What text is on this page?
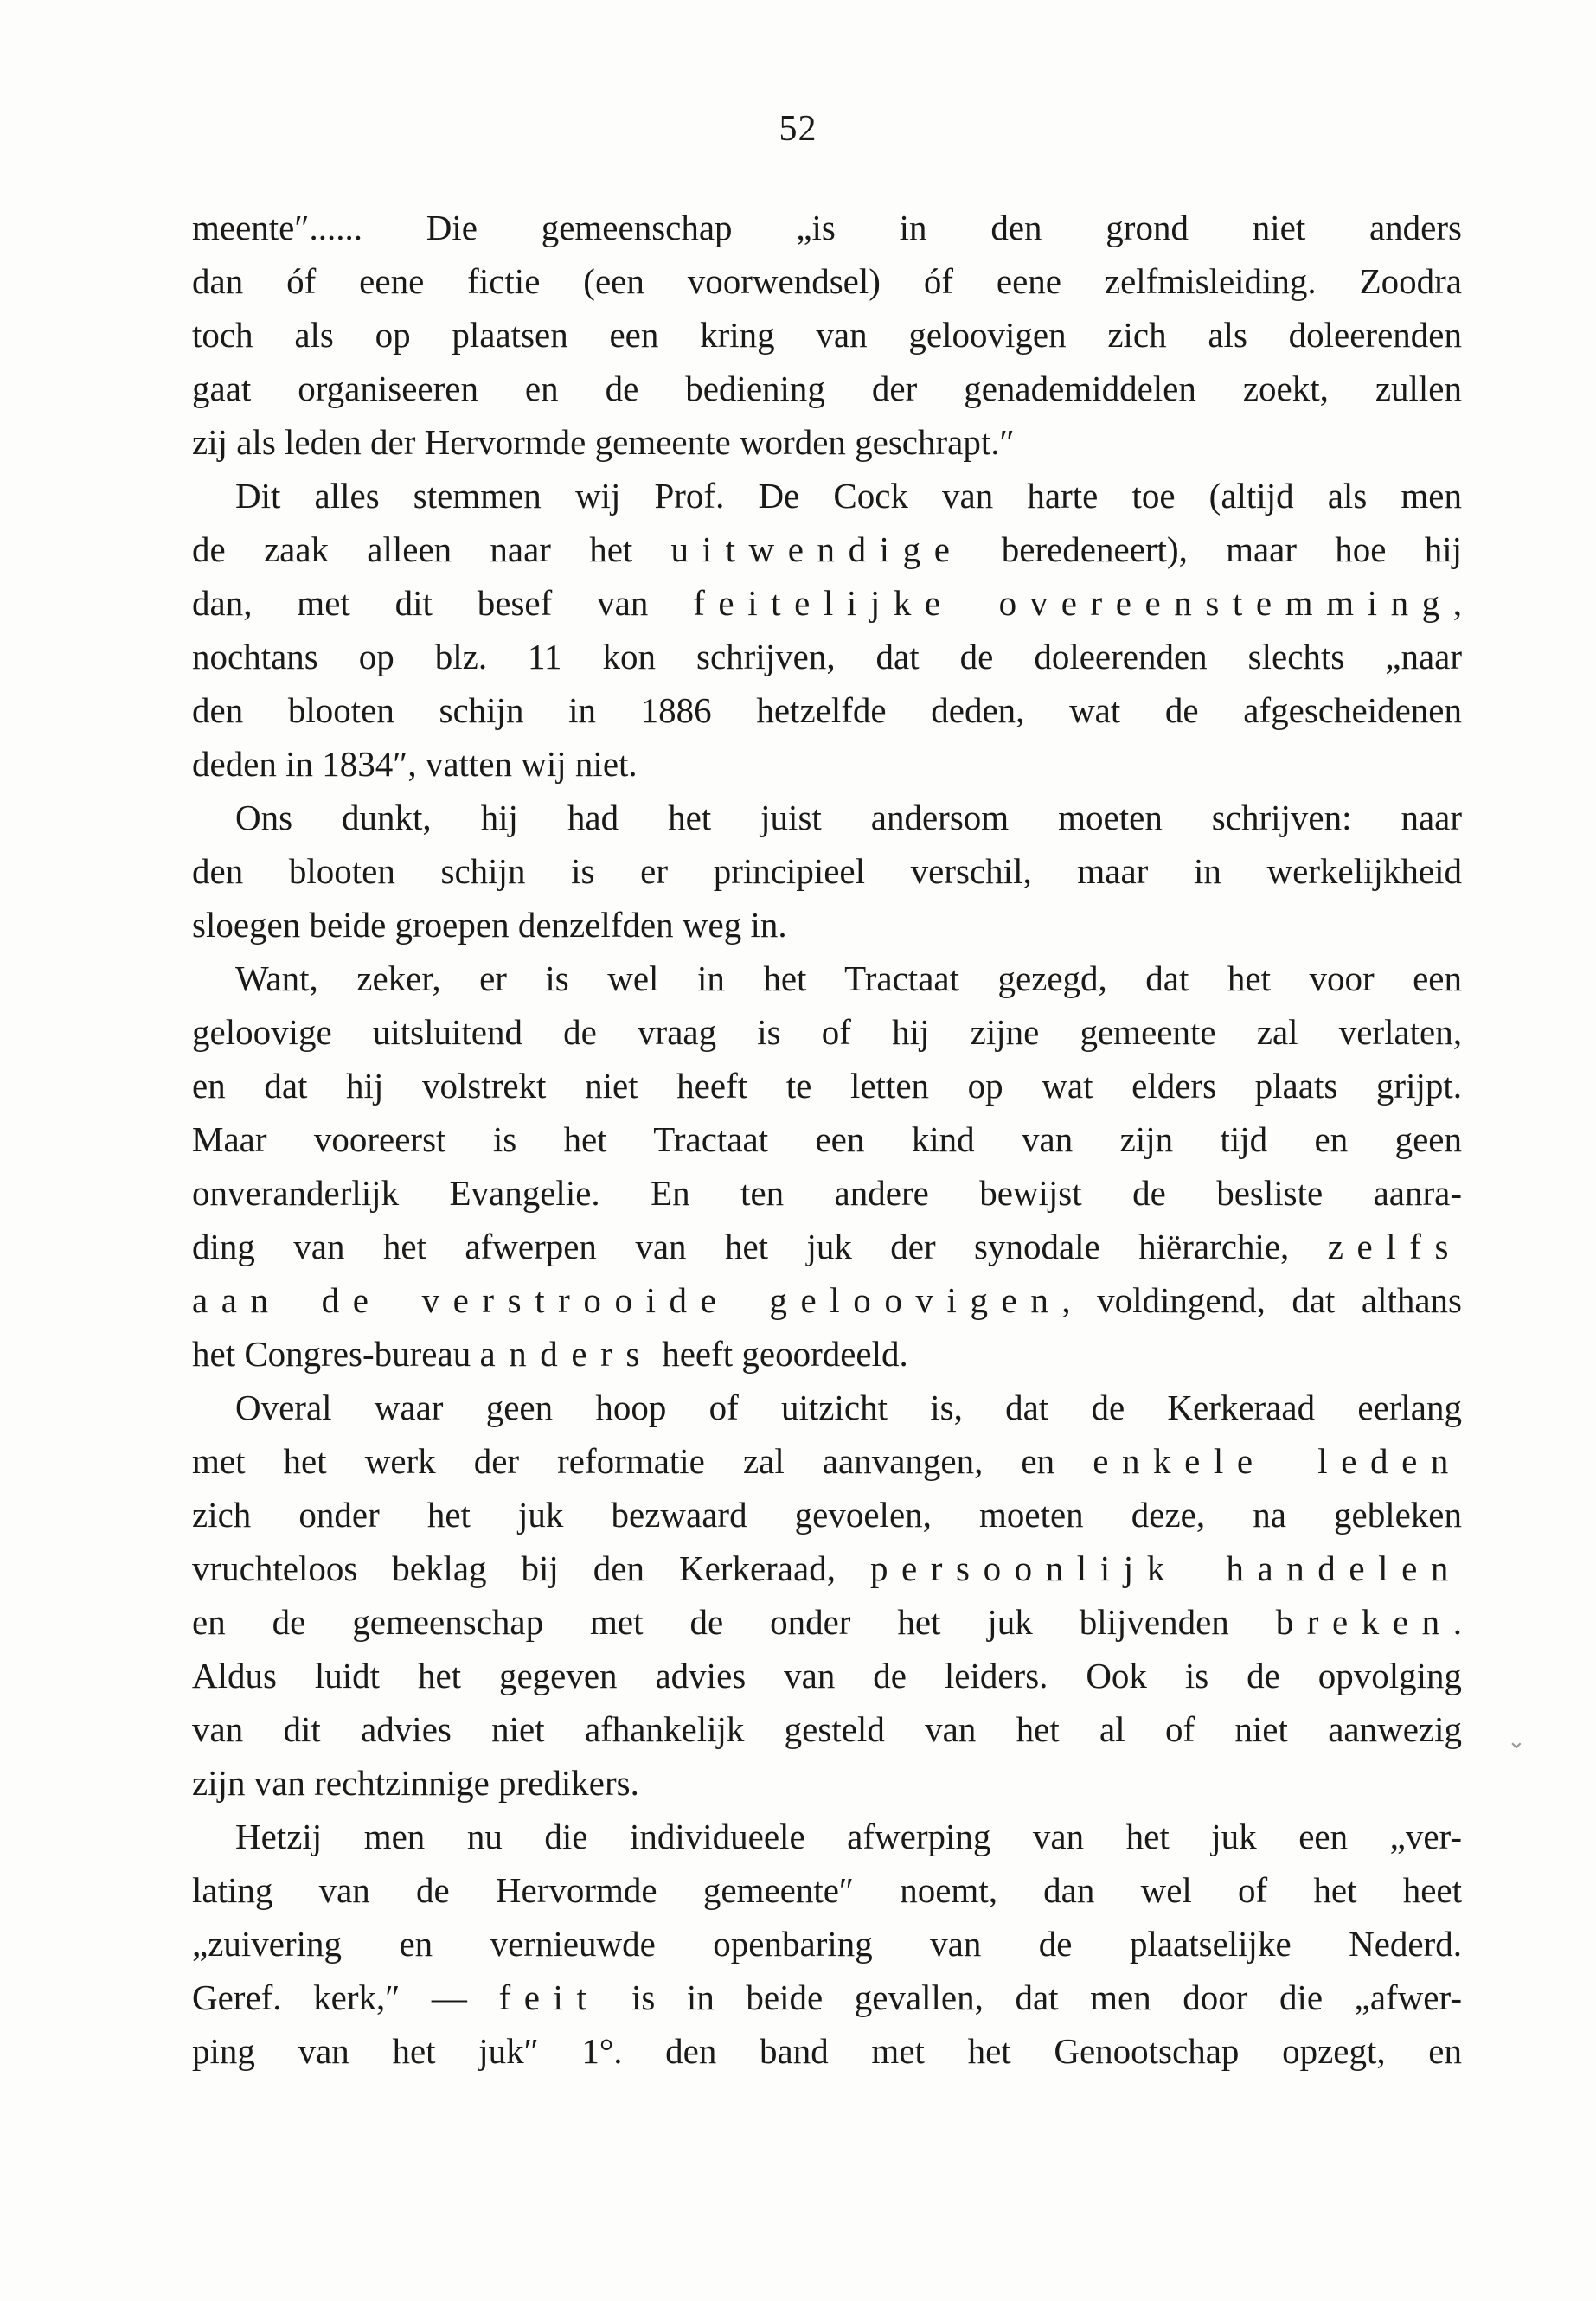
52
meente″...... Die gemeenschap „is in den grond niet anders
dan óf eene fictie (een voorwendsel) óf eene zelfmisleiding. Zoodra
toch als op plaatsen een kring van geloovigen zich als doleerenden
gaat organiseeren en de bediening der genademiddelen zoekt, zullen
zij als leden der Hervormde gemeente worden geschrapt.″
Dit alles stemmen wij Prof. De Cock van harte toe (altijd als men
de zaak alleen naar het uitwendige beredeneert), maar hoe hij
dan, met dit besef van feitelijke overeenstemming,
nochtans op blz. 11 kon schrijven, dat de doleerenden slechts „naar
den blooten schijn in 1886 hetzelfde deden, wat de afgescheidenen
deden in 1834″, vatten wij niet.
Ons dunkt, hij had het juist andersom moeten schrijven: naar
den blooten schijn is er principieel verschil, maar in werkelijkheid
sloegen beide groepen denzelfden weg in.
Want, zeker, er is wel in het Tractaat gezegd, dat het voor een
geloovige uitsluitend de vraag is of hij zijne gemeente zal verlaten,
en dat hij volstrekt niet heeft te letten op wat elders plaats grijpt.
Maar vooreerst is het Tractaat een kind van zijn tijd en geen
onveranderlijk Evangelie. En ten andere bewijst de besliste aanra-
ding van het afwerpen van het juk der synodale hiërarchie, zelfs
aan de verstrooide geloovigen, voldingend, dat althans
het Congres-bureau anders heeft geoordeeld.
Overal waar geen hoop of uitzicht is, dat de Kerkeraad eerlang
met het werk der reformatie zal aanvangen, en enkele leden
zich onder het juk bezwaard gevoelen, moeten deze, na gebleken
vruchteloos beklag bij den Kerkeraad, persoonlijk handelen
en de gemeenschap met de onder het juk blijvenden breken.
Aldus luidt het gegeven advies van de leiders. Ook is de opvolging
van dit advies niet afhankelijk gesteld van het al of niet aanwezig
zijn van rechtzinnige predikers.
Hetzij men nu die individueele afwerping van het juk een „ver-
lating van de Hervormde gemeente″ noemt, dan wel of het heet
„zuivering en vernieuwde openbaring van de plaatselijke Nederd.
Geref. kerk,″ — feit is in beide gevallen, dat men door die „afwer-
ping van het juk″ 1°. den band met het Genootschap opzegt, en
⌄
